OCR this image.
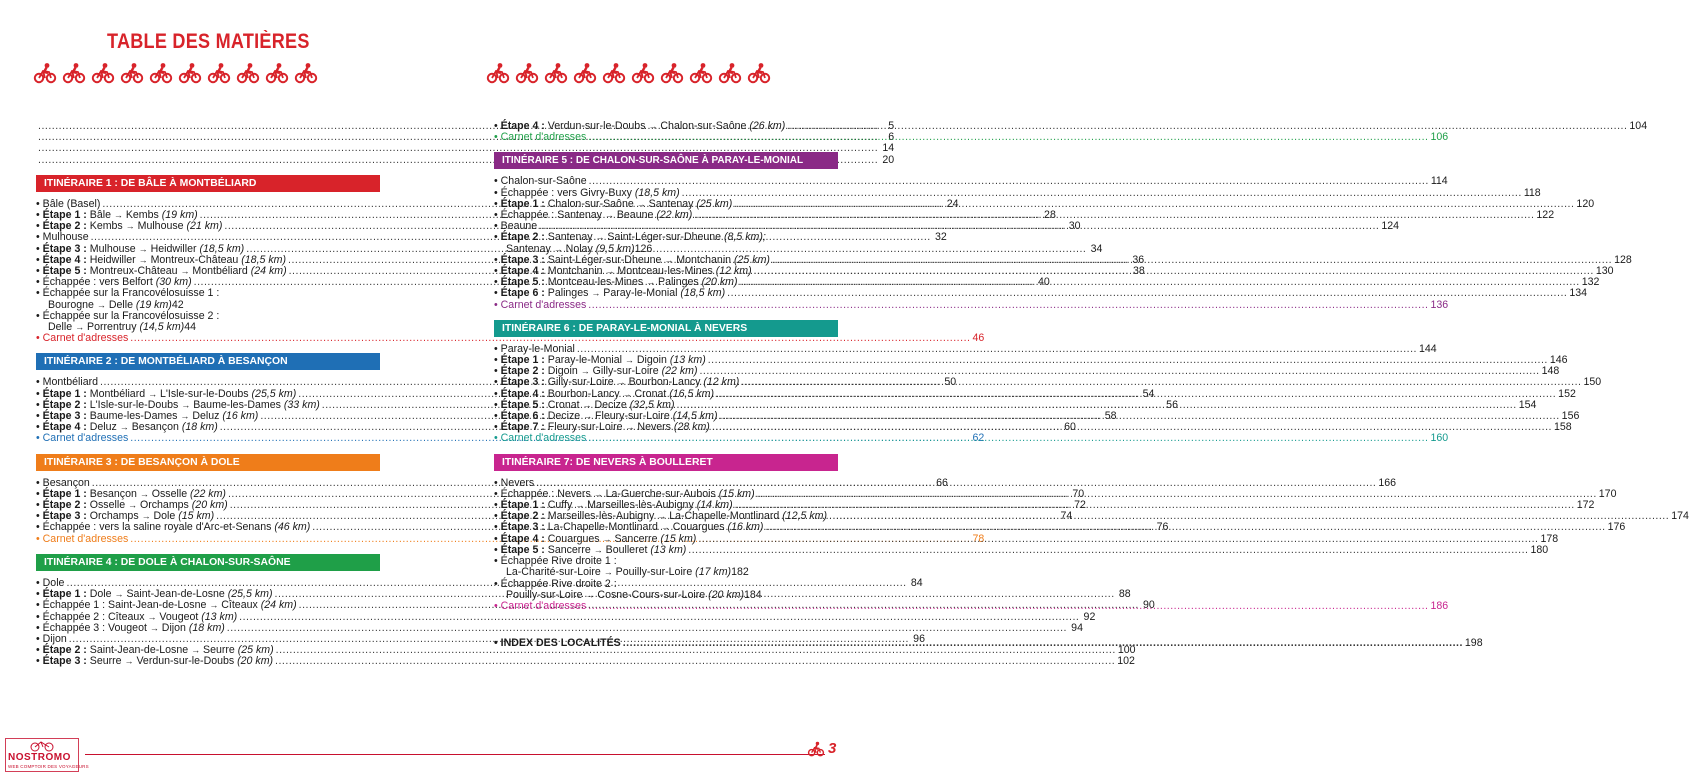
TABLE DES MATIÈRES
.....
5
.....
6
.....
14
.....
20
ITINÉRAIRE 1 : DE BÂLE À MONTBÉLIARD
• Bâle (Basel) .....	24
• Étape 1 : Bâle → Kembs (19 km) .....	28
• Étape 2 : Kembs → Mulhouse (21 km) .....	30
• Mulhouse .....	32
• Étape 3 : Mulhouse → Heidwiller (18,5 km) .....	34
• Étape 4 : Heidwiller → Montreux-Château (18,5 km) .....	36
• Étape 5 : Montreux-Château → Montbéliard (24 km) .....	38
• Échappée : vers Belfort (30 km) .....	40
• Échappée sur la Francovélosuisse 1 :
Bourogne → Delle (19 km) 42
• Échappée sur la Francovélosuisse 2 :
Delle → Porrentruy (14,5 km) 44
• Carnet d'adresses .....	46
ITINÉRAIRE 2 : DE MONTBÉLIARD À BESANÇON
• Montbéliard .....	50
• Étape 1 : Montbéliard → L'Isle-sur-le-Doubs (25,5 km) .....	54
• Étape 2 : L'Isle-sur-le-Doubs → Baume-les-Dames (33 km) .....	56
• Étape 3 : Baume-les-Dames → Deluz (16 km) .....	58
• Étape 4 : Deluz → Besançon (18 km) .....	60
• Carnet d'adresses .....	62
ITINÉRAIRE 3 : DE BESANÇON À DOLE
• Besançon .....	66
• Étape 1 : Besançon → Osselle (22 km) .....	70
• Étape 2 : Osselle → Orchamps (20 km) .....	72
• Étape 3 : Orchamps → Dole (15 km) .....	74
• Échappée : vers la saline royale d'Arc-et-Senans (46 km) .....	76
• Carnet d'adresses .....	78
ITINÉRAIRE 4 : DE DOLE À CHALON-SUR-SAÔNE
• Dole .....	84
• Étape 1 : Dole → Saint-Jean-de-Losne (25,5 km) .....	88
• Échappée 1 : Saint-Jean-de-Losne → Cîteaux (24 km) .....	90
• Échappée 2 : Cîteaux → Vougeot (13 km) .....	92
• Échappée 3 : Vougeot → Dijon (18 km) .....	94
• Dijon .....	96
• Étape 2 : Saint-Jean-de-Losne → Seurre (25 km) .....	100
• Étape 3 : Seurre → Verdun-sur-le-Doubs (20 km) .....	102
• Étape 4 : Verdun-sur-le-Doubs → Chalon-sur-Saône (26 km) .....	104
• Carnet d'adresses .....	106
ITINÉRAIRE 5 : DE CHALON-SUR-SAÔNE À PARAY-LE-MONIAL
• Chalon-sur-Saône .....	114
• Échappée : vers Givry-Buxy (18,5 km) .....	118
• Étape 1 : Chalon-sur-Saône → Santenay (25 km) .....	120
• Échappée : Santenay → Beaune (22 km) .....	122
• Beaune .....	124
• Étape 2 : Santenay → Saint-Léger-sur-Dheune (8,5 km);
Santenay → Nolay (9,5 km) 126
• Étape 3 : Saint-Léger-sur-Dheune → Montchanin (25 km) .....	128
• Étape 4 : Montchanin → Montceau-les-Mines (12 km) .....	130
• Étape 5 : Montceau-les-Mines → Palinges (20 km) .....	132
• Étape 6 : Palinges → Paray-le-Monial (18,5 km) .....	134
• Carnet d'adresses .....	136
ITINÉRAIRE 6 : DE PARAY-LE-MONIAL À NEVERS
• Paray-le-Monial .....	144
• Étape 1 : Paray-le-Monial → Digoin (13 km) .....	146
• Étape 2 : Digoin → Gilly-sur-Loire (22 km) .....	148
• Étape 3 : Gilly-sur-Loire → Bourbon-Lancy (12 km) .....	150
• Étape 4 : Bourbon-Lancy → Cronat (16,5 km) .....	152
• Étape 5 : Cronat → Decize (32,5 km) .....	154
• Étape 6 : Decize → Fleury-sur-Loire (14,5 km) .....	156
• Étape 7 : Fleury-sur-Loire → Nevers (28 km) .....	158
• Carnet d'adresses .....	160
ITINÉRAIRE 7: DE NEVERS À BOULLERET
• Nevers .....	166
• Échappée : Nevers → La-Guerche-sur-Aubois (15 km) .....	170
• Étape 1 : Cuffy → Marseilles-lès-Aubigny (14 km) .....	172
• Étape 2 : Marseilles-lès-Aubigny → La-Chapelle-Montlinard (12,5 km) .....	174
• Étape 3 : La-Chapelle-Montlinard → Couargues (16 km) .....	176
• Étape 4 : Couargues → Sancerre (15 km) .....	178
• Étape 5 : Sancerre → Boulleret (13 km) .....	180
• Échappée Rive droite 1 :
La-Charité-sur-Loire → Pouilly-sur-Loire (17 km) 182
• Échappée Rive droite 2 :
Pouilly-sur-Loire → Cosne-Cours-sur-Loire (20 km) 184
• Carnet d'adresses .....	186
• INDEX DES LOCALITÉS .....	198
NOSTROMO
WEB COMPTOIR DES VOYAGEURS
3
